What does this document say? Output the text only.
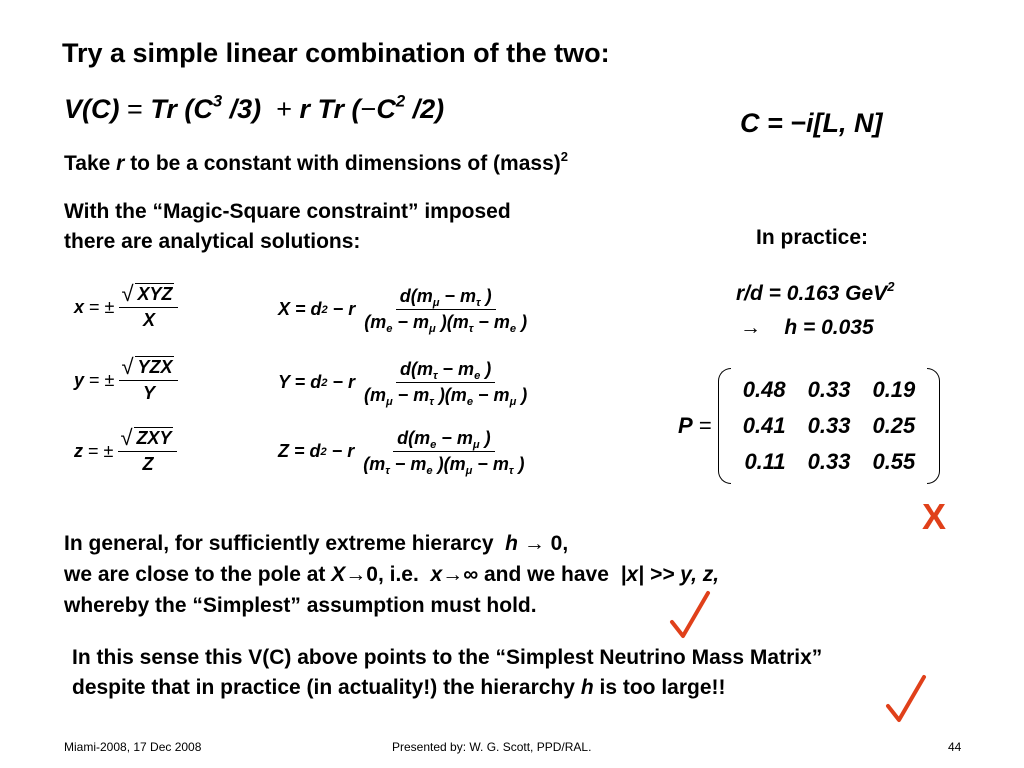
Try a simple linear combination of the two:
V(C) = Tr ($C^3$ /3) + r Tr ($-C^2$ /2)	C = −i[L, N]
Take r to be a constant with dimensions of (mass)$^2$
With the “Magic-Square constraint” imposed
there are analytical solutions:	In practice:
r/d = 0.163 GeV$^2$
→ h = 0.035
x
= ±
√ $\frac{\text{XYZ}}{X}$
y
= ±
√ $\frac{\text{YZX}}{Y}$
z
= ±
√ $\frac{\text{ZXY}}{Z}$
X = d 2
− r
$\frac{d(m_\mu - m_\tau )}{(m_e - m_\mu )(m_\tau - m_e )}$
Y = d 2
− r
$\frac{d(m_\tau - m_e )}{(m_\mu - m_\tau )(m_e - m_\mu )}$
Z = d 2
− r
$\frac{d(m_e - m_\mu )}{(m_\tau - m_e )(m_\mu - m_\tau )}$
P
=

0.48	0.33	0.19
0.41	0.33	0.25
0.11	0.33	0.55
X
In general, for sufficiently extreme hierarcy h → 0,
we are close to the pole at X→0, i.e. x→∞ and we have |x| >> y, z,
whereby the “Simplest” assumption must hold.
In this sense this V(C) above points to the “Simplest Neutrino Mass Matrix”
despite that in practice (in actuality!) the hierarchy h is too large!!
Miami-2008, 17 Dec 2008	Presented by: W. G. Scott, PPD/RAL.	44
